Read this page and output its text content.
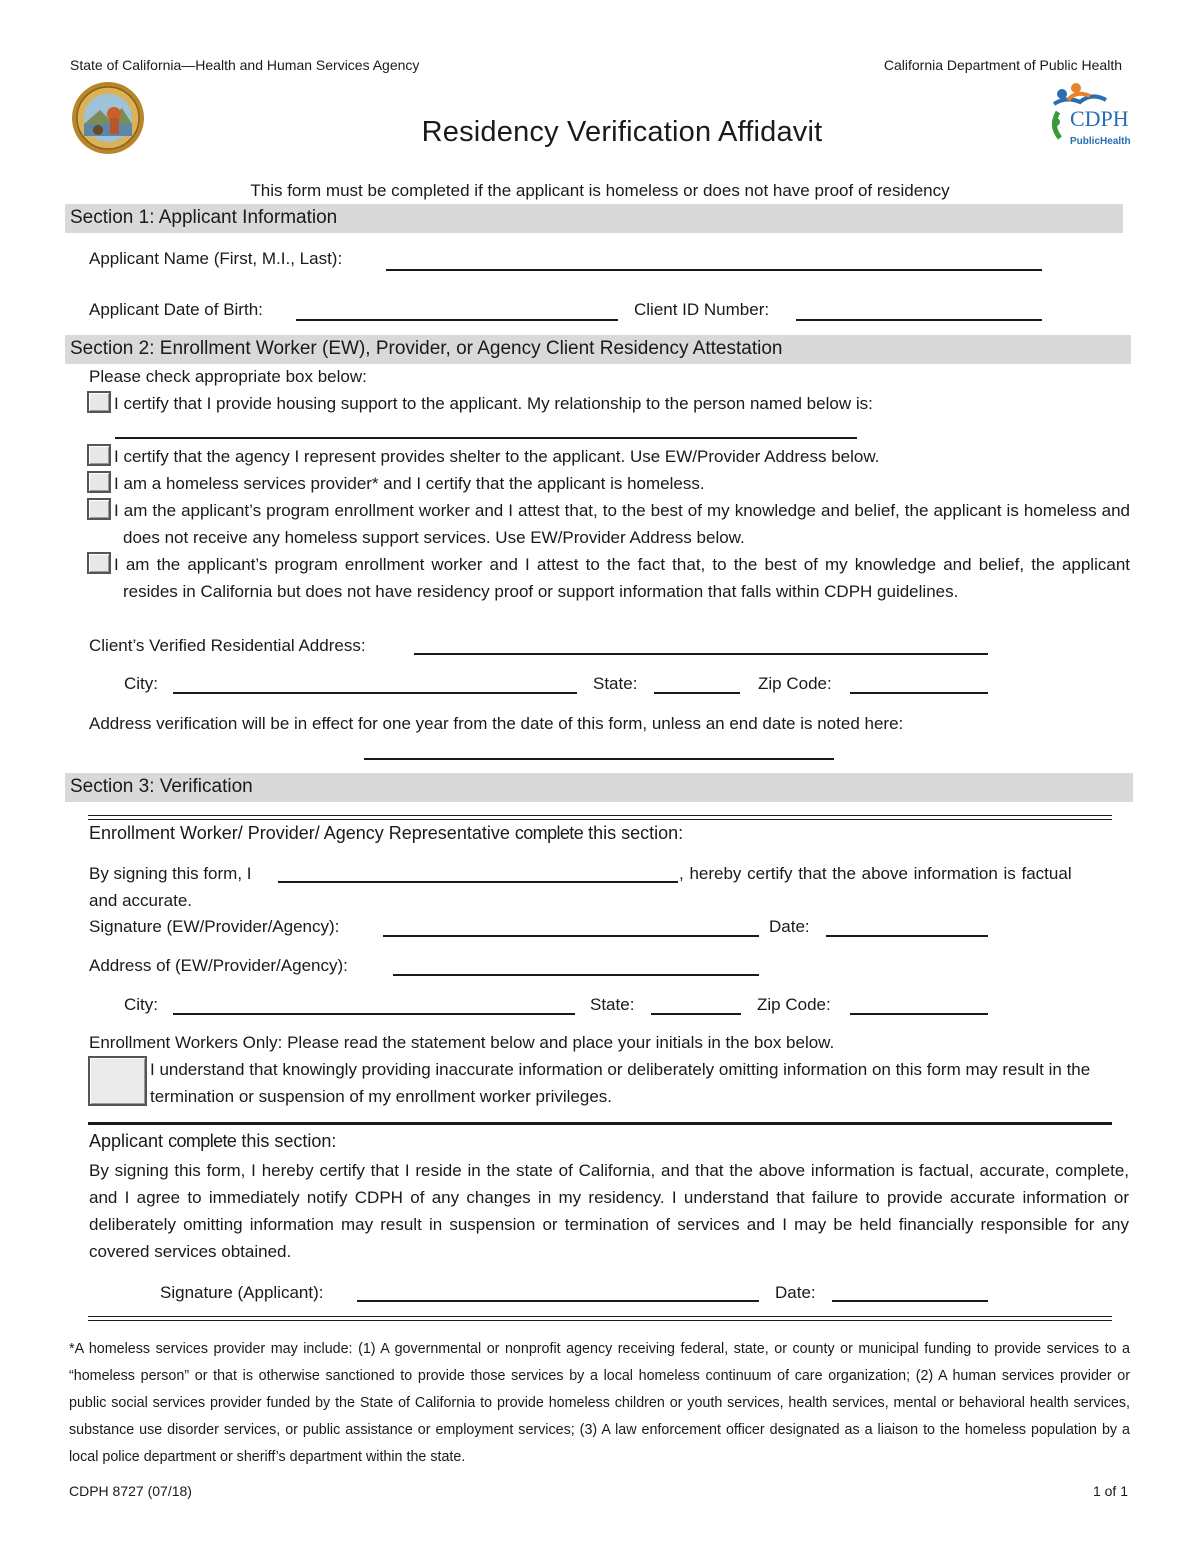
State of California—Health and Human Services Agency	California Department of Public Health
CDPH
PublicHealth
Residency Verification Affidavit
This form must be completed if the applicant is homeless or does not have proof of residency
Section 1: Applicant Information
Applicant Name (First, M.I., Last):
Applicant Date of Birth:	Client ID Number:
Section 2: Enrollment Worker (EW), Provider, or Agency Client Residency Attestation
Please check appropriate box below:
I certify that I provide housing support to the applicant. My relationship to the person named below is:
I certify that the agency I represent provides shelter to the applicant. Use EW/Provider Address below.
I am a homeless services provider* and I certify that the applicant is homeless.
I am the applicant’s program enrollment worker and I attest that, to the best of my knowledge and belief, the applicant is homeless and does not receive any homeless support services. Use EW/Provider Address below.
I am the applicant’s program enrollment worker and I attest to the fact that, to the best of my knowledge and belief, the applicant resides in California but does not have residency proof or support information that falls within CDPH guidelines.
Client’s Verified Residential Address:
City:	State:	Zip Code:
Address verification will be in effect for one year from the date of this form, unless an end date is noted here:
Section 3: Verification
Enrollment Worker/ Provider/ Agency Representative complete this section:
By signing this form, I	, hereby certify that the above information is factual
and accurate.
Signature (EW/Provider/Agency):	Date:
Address of (EW/Provider/Agency):
City:	State:	Zip Code:
Enrollment Workers Only: Please read the statement below and place your initials in the box below.
I understand that knowingly providing inaccurate information or deliberately omitting information on this form may result in the termination or suspension of my enrollment worker privileges.
Applicant complete this section:
By signing this form, I hereby certify that I reside in the state of California, and that the above information is factual, accurate, complete, and I agree to immediately notify CDPH of any changes in my residency. I understand that failure to provide accurate information or deliberately omitting information may result in suspension or termination of services and I may be held financially responsible for any covered services obtained.
Signature (Applicant):	Date:
*A homeless services provider may include: (1) A governmental or nonprofit agency receiving federal, state, or county or municipal funding to provide services to a “homeless person” or that is otherwise sanctioned to provide those services by a local homeless continuum of care organization; (2) A human services provider or public social services provider funded by the State of California to provide homeless children or youth services, health services, mental or behavioral health services, substance use disorder services, or public assistance or employment services; (3) A law enforcement officer designated as a liaison to the homeless population by a local police department or sheriff’s department within the state.
CDPH 8727 (07/18)	1 of 1
